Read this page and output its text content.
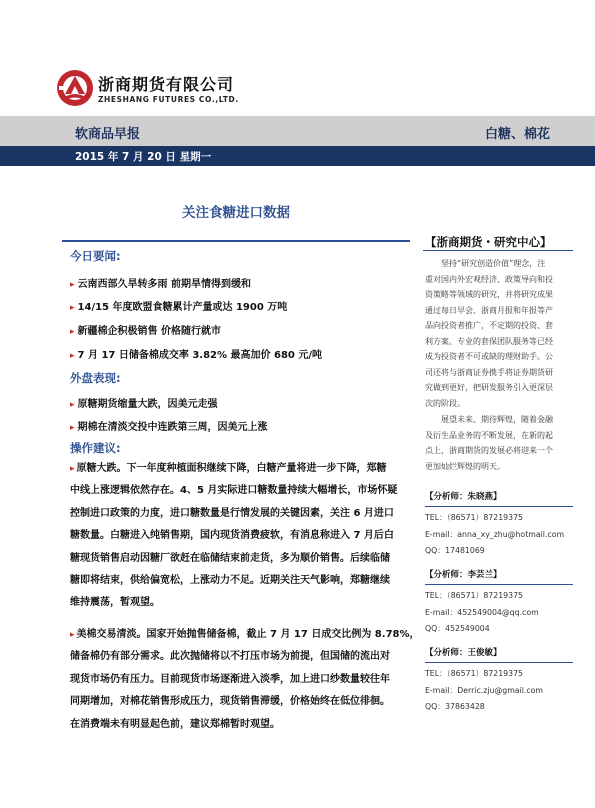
浙商期货有限公司
ZHESHANG FUTURES CO.,LTD.
软商品早报	白糖、棉花
2015 年 7 月 20 日 星期一
关注食糖进口数据
今日要闻:
▸ 云南西部久旱转多雨 前期旱情得到缓和
▸ 14/15 年度欧盟食糖累计产量或达 1900 万吨
▸ 新疆棉企积极销售 价格随行就市
▸ 7 月 17 日储备棉成交率 3.82% 最高加价 680 元/吨
外盘表现:
▸ 原糖期货缩量大跌，因美元走强
▸ 期棉在清淡交投中连跌第三周，因美元上涨
操作建议:
▸ 原糖大跌。下一年度种植面积继续下降，白糖产量将进一步下降，郑糖
中线上涨逻辑依然存在。4、5 月实际进口糖数量持续大幅增长，市场怀疑
控制进口政策的力度，进口糖数量是行情发展的关键因素，关注 6 月进口
糖数量。白糖进入纯销售期，国内现货消费疲软，有消息称进入 7 月后白
糖现货销售启动因糖厂欲赶在临储结束前走货，多为顺价销售。后续临储
糖即将结束，供给偏宽松，上涨动力不足。近期关注天气影响，郑糖继续
维持震荡，暂观望。
▸ 美棉交易清淡。国家开始抛售储备棉，截止 7 月 17 日成交比例为 8.78%，
储备棉仍有部分需求。此次抛储将以不打压市场为前提，但国储的流出对
现货市场仍有压力。目前现货市场逐渐进入淡季，加上进口纱数量较往年
同期增加，对棉花销售形成压力，现货销售滞缓，价格始终在低位徘徊。
在消费端未有明显起色前，建议郑棉暂时观望。
【浙商期货・研究中心】
坚持“研究创造价值”理念，注
重对国内外宏观经济、政策导向和投
资策略等领域的研究，并将研究成果
通过每日早会、浙商月报和年报等产
品向投资者推广，不定期的投资、套
利方案、专业的套保团队服务等已经
成为投资者不可或缺的理财助手。公
司还将与浙商证券携手将证券期货研
究做到更好，把研发服务引入更深层
次的阶段。
展望未来、期待辉煌，随着金融
及衍生品业务的不断发展，在新的起
点上，浙商期货的发展必将迎来一个
更加灿烂辉煌的明天。
【分析师：朱晓燕】
TEL：（86571）87219375
E-mail：anna_xy_zhu@hotmail.com
QQ：17481069
【分析师：李芸兰】
TEL：（86571）87219375
E-mail：452549004@qq.com
QQ：452549004
【分析师：王俊敏】
TEL：（86571）87219375
E-mail：Derric.zju@gmail.com
QQ：37863428
